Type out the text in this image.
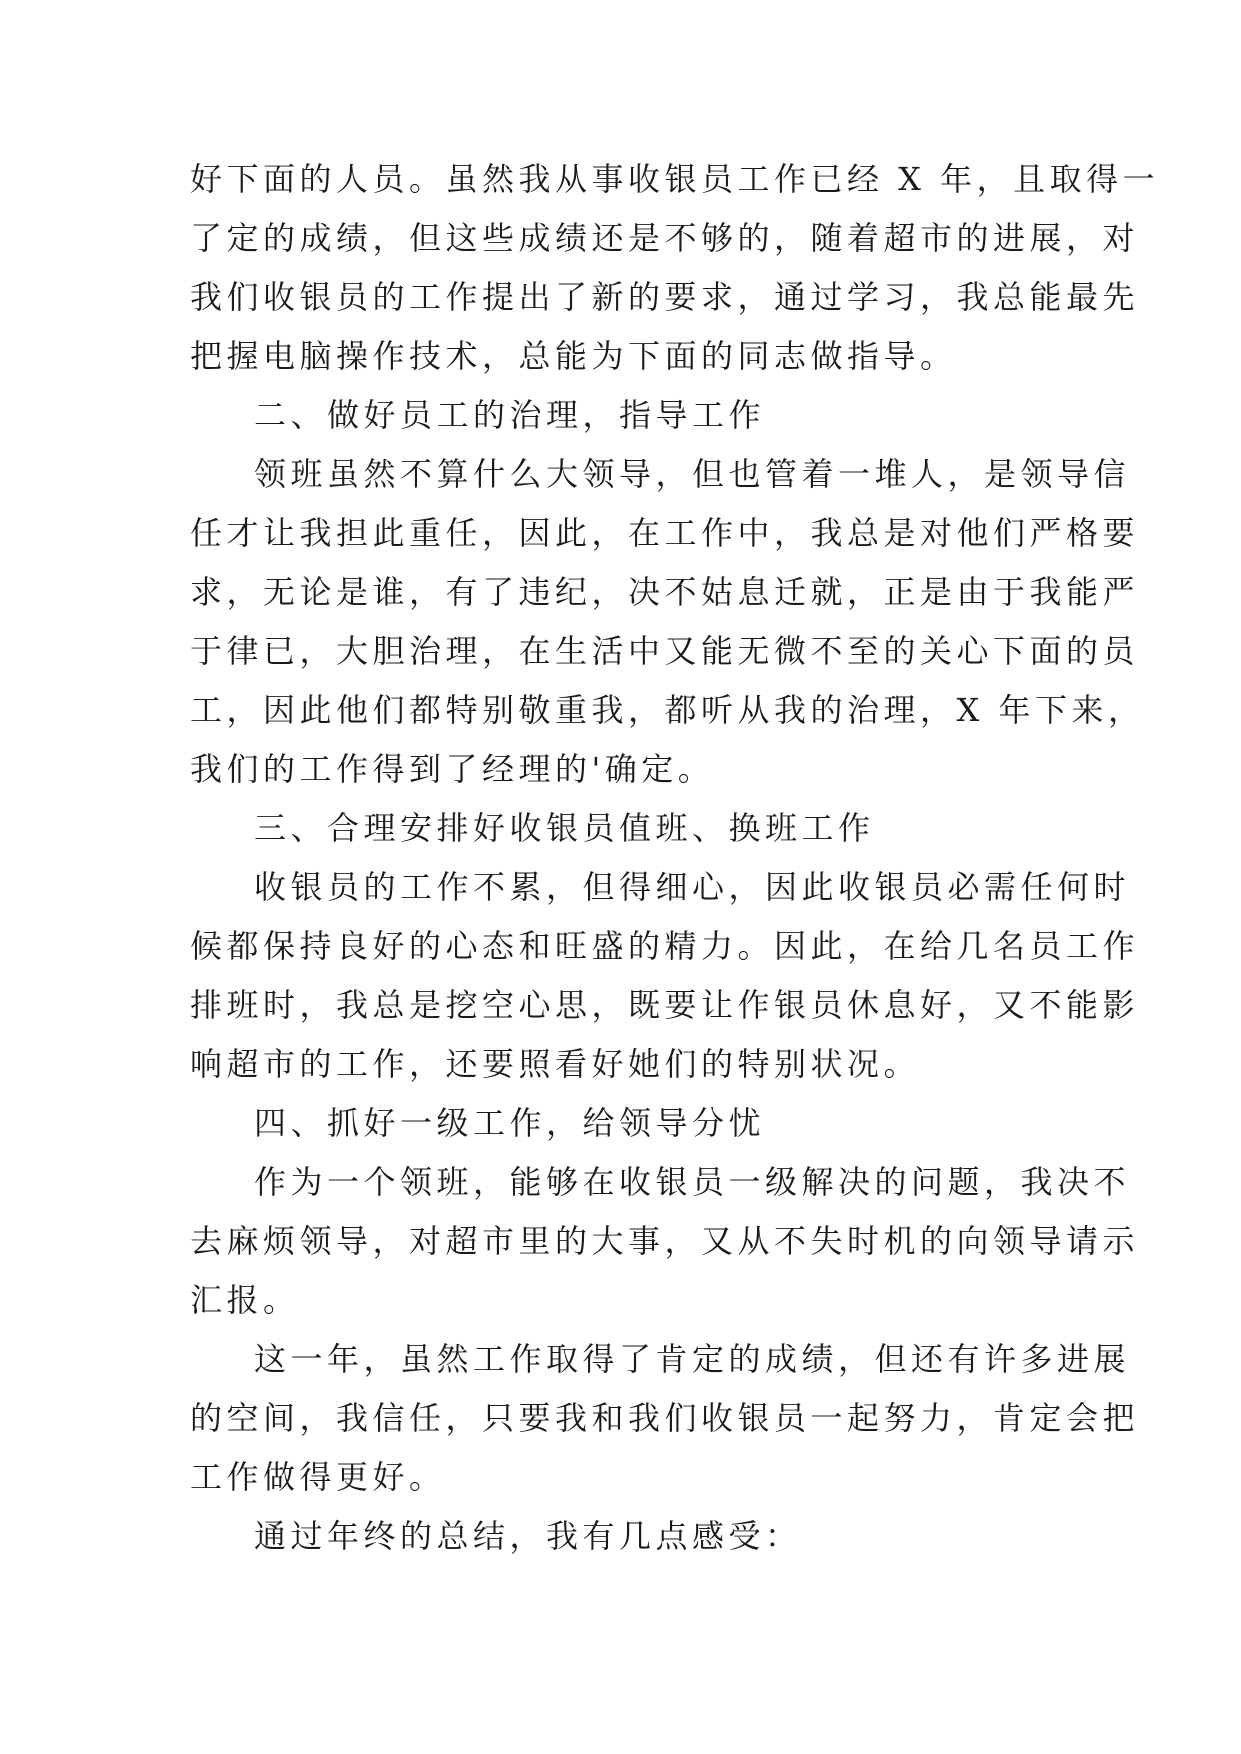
好下面的人员。虽然我从事收银员工作已经 X 年，且取得一
了定的成绩，但这些成绩还是不够的，随着超市的进展，对
我们收银员的工作提出了新的要求，通过学习，我总能最先
把握电脑操作技术，总能为下面的同志做指导。
二、做好员工的治理，指导工作
领班虽然不算什么大领导，但也管着一堆人，是领导信
任才让我担此重任，因此，在工作中，我总是对他们严格要
求，无论是谁，有了违纪，决不姑息迁就，正是由于我能严
于律已，大胆治理，在生活中又能无微不至的关心下面的员
工，因此他们都特别敬重我，都听从我的治理，X 年下来，
我们的工作得到了经理的'确定。
三、合理安排好收银员值班、换班工作
收银员的工作不累，但得细心，因此收银员必需任何时
候都保持良好的心态和旺盛的精力。因此，在给几名员工作
排班时，我总是挖空心思，既要让作银员休息好，又不能影
响超市的工作，还要照看好她们的特别状况。
四、抓好一级工作，给领导分忧
作为一个领班，能够在收银员一级解决的问题，我决不
去麻烦领导，对超市里的大事，又从不失时机的向领导请示
汇报。
这一年，虽然工作取得了肯定的成绩，但还有许多进展
的空间，我信任，只要我和我们收银员一起努力，肯定会把
工作做得更好。
通过年终的总结，我有几点感受：
